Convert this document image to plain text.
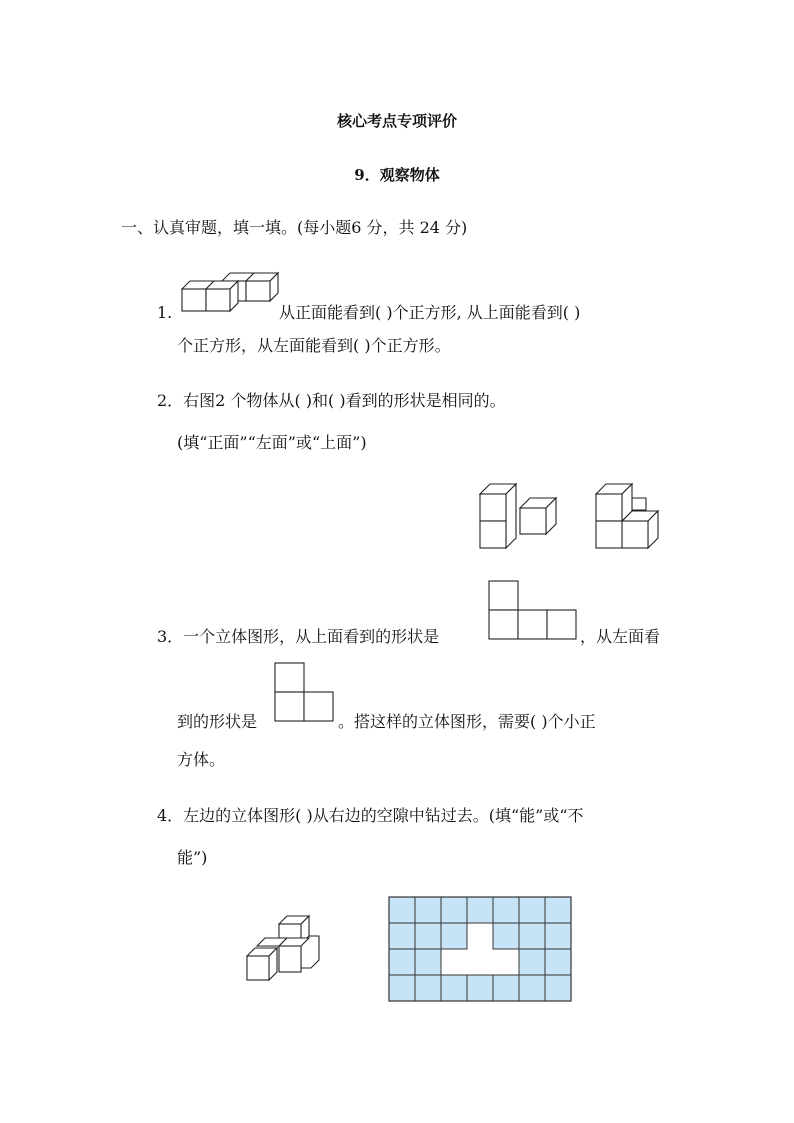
核心考点专项评价
9．观察物体
一、认真审题，填一填。(每小题6 分，共 24 分)
1.	从正面能看到( )个正方形, 从上面能看到( )
个正方形，从左面能看到( )个正方形。
2．右图2 个物体从( )和( )看到的形状是相同的。
(填“正面”“左面”或“上面”)
3．一个立体图形，从上面看到的形状是	，从左面看
到的形状是	。搭这样的立体图形，需要( )个小正
方体。
4．左边的立体图形( )从右边的空隙中钻过去。(填“能”或“不
能”)
